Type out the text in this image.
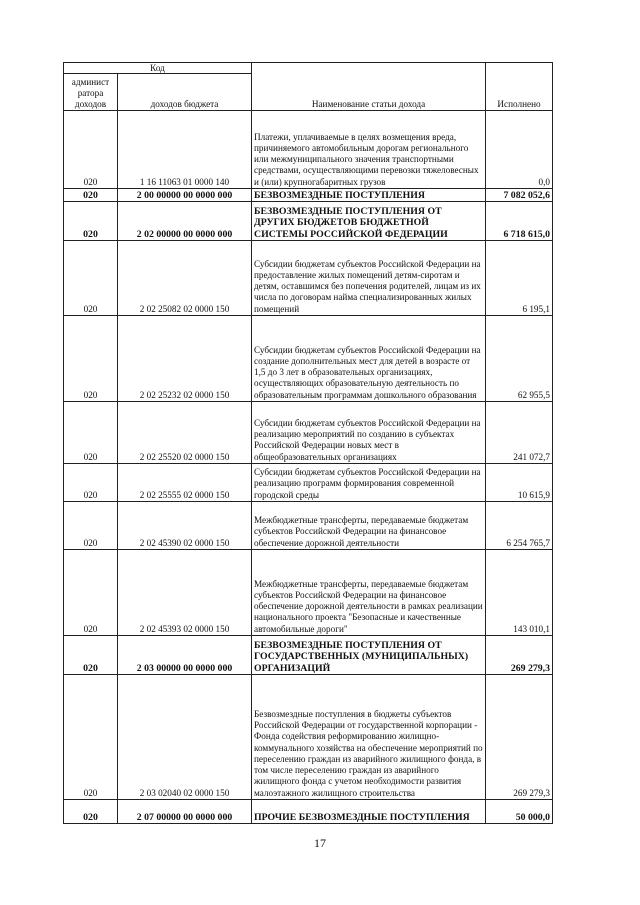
Код		Наименование статьи дохода	Исполнено
админист ратора доходов	доходов бюджета		
020	1 16 11063 01 0000 140	Платежи, уплачиваемые в целях возмещения вреда, причиняемого автомобильным дорогам регионального или межмуниципального значения транспортными средствами, осуществляющими перевозки тяжеловесных и (или) крупногабаритных грузов	0,0
020	2 00 00000 00 0000 000	БЕЗВОЗМЕЗДНЫЕ ПОСТУПЛЕНИЯ	7 082 052,6
020	2 02 00000 00 0000 000	БЕЗВОЗМЕЗДНЫЕ ПОСТУПЛЕНИЯ ОТ ДРУГИХ БЮДЖЕТОВ БЮДЖЕТНОЙ СИСТЕМЫ РОССИЙСКОЙ ФЕДЕРАЦИИ	6 718 615,0
020	2 02 25082 02 0000 150	Субсидии бюджетам субъектов Российской Федерации на предоставление жилых помещений детям-сиротам и детям, оставшимся без попечения родителей, лицам из их числа по договорам найма специализированных жилых помещений	6 195,1
020	2 02 25232 02 0000 150	Субсидии бюджетам субъектов Российской Федерации на создание дополнительных мест для детей в возрасте от 1,5 до 3 лет в образовательных организациях, осуществляющих образовательную деятельность по образовательным программам дошкольного образования	62 955,5
020	2 02 25520 02 0000 150	Субсидии бюджетам субъектов Российской Федерации на реализацию мероприятий по созданию в субъектах Российской Федерации новых мест в общеобразовательных организациях	241 072,7
020	2 02 25555 02 0000 150	Субсидии бюджетам субъектов Российской Федерации на реализацию программ формирования современной городской среды	10 615,9
020	2 02 45390 02 0000 150	Межбюджетные трансферты, передаваемые бюджетам субъектов Российской Федерации на финансовое обеспечение дорожной деятельности	6 254 765,7
020	2 02 45393 02 0000 150	Межбюджетные трансферты, передаваемые бюджетам субъектов Российской Федерации на финансовое обеспечение дорожной деятельности в рамках реализации национального проекта "Безопасные и качественные автомобильные дороги"	143 010,1
020	2 03 00000 00 0000 000	БЕЗВОЗМЕЗДНЫЕ ПОСТУПЛЕНИЯ ОТ ГОСУДАРСТВЕННЫХ (МУНИЦИПАЛЬНЫХ) ОРГАНИЗАЦИЙ	269 279,3
020	2 03 02040 02 0000 150	Безвозмездные поступления в бюджеты субъектов Российской Федерации от государственной корпорации - Фонда содействия реформированию жилищно-коммунального хозяйства на обеспечение мероприятий по переселению граждан из аварийного жилищного фонда, в том числе переселению граждан из аварийного жилищного фонда с учетом необходимости развития малоэтажного жилищного строительства	269 279,3
020	2 07 00000 00 0000 000	ПРОЧИЕ БЕЗВОЗМЕЗДНЫЕ ПОСТУПЛЕНИЯ	50 000,0
17
